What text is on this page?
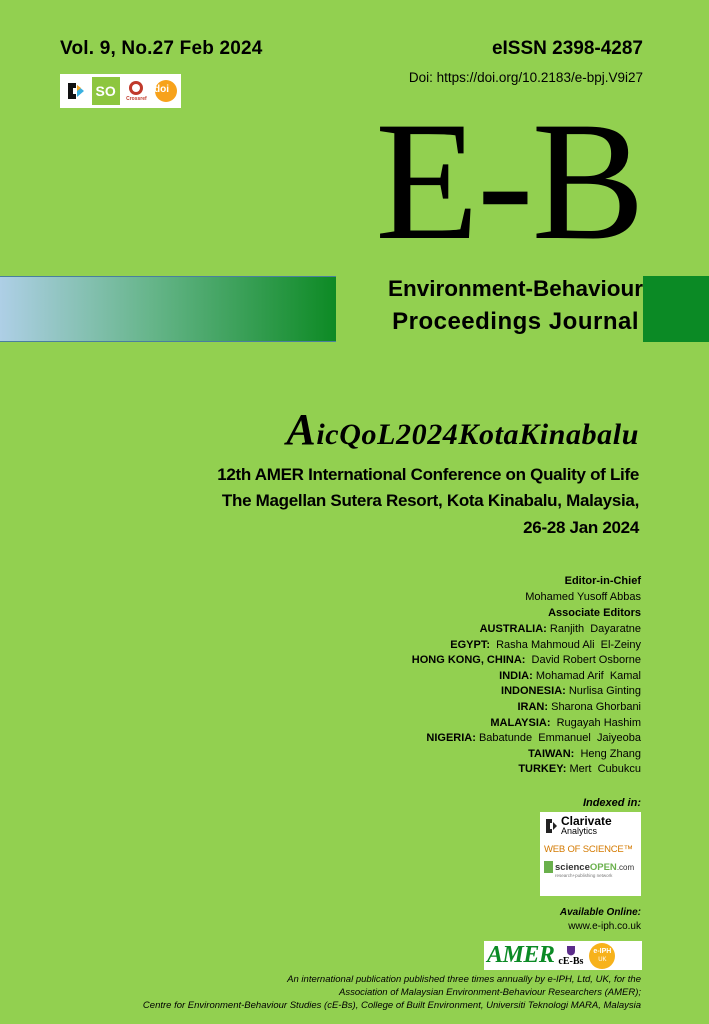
Vol. 9, No.27 Feb 2024	eISSN 2398-4287
Doi: https://doi.org/10.2183/e-bpj.V9i27
SO	Crossref
doi E-B
Environment-Behaviour
Proceedings Journal
AicQoL2024KotaKinabalu
12th AMER International Conference on Quality of Life
The Magellan Sutera Resort, Kota Kinabalu, Malaysia,
26-28 Jan 2024
Editor-in-Chief
Mohamed Yusoff Abbas
Associate Editors
AUSTRALIA: Ranjith  Dayaratne
EGYPT:  Rasha Mahmoud Ali  El-Zeiny
HONG KONG, CHINA:  David Robert Osborne
INDIA: Mohamad Arif  Kamal
INDONESIA: Nurlisa Ginting
IRAN: Sharona Ghorbani
MALAYSIA:  Rugayah Hashim
NIGERIA: Babatunde  Emmanuel  Jaiyeoba
TAIWAN:  Heng Zhang
TURKEY: Mert  Cubukcu
Indexed in:
Clarivate
Analytics
WEB OF SCIENCE™
scienceOPEN.com
research+publishing network
Available Online:
www.e-iph.co.uk
AMER cE-Bs
e-IPH
UK
An international publication published three times annually by e-IPH, Ltd, UK, for the
Association of Malaysian Environment-Behaviour Researchers (AMER);
Centre for Environment-Behaviour Studies (cE-Bs), College of Built Environment, Universiti Teknologi MARA, Malaysia
